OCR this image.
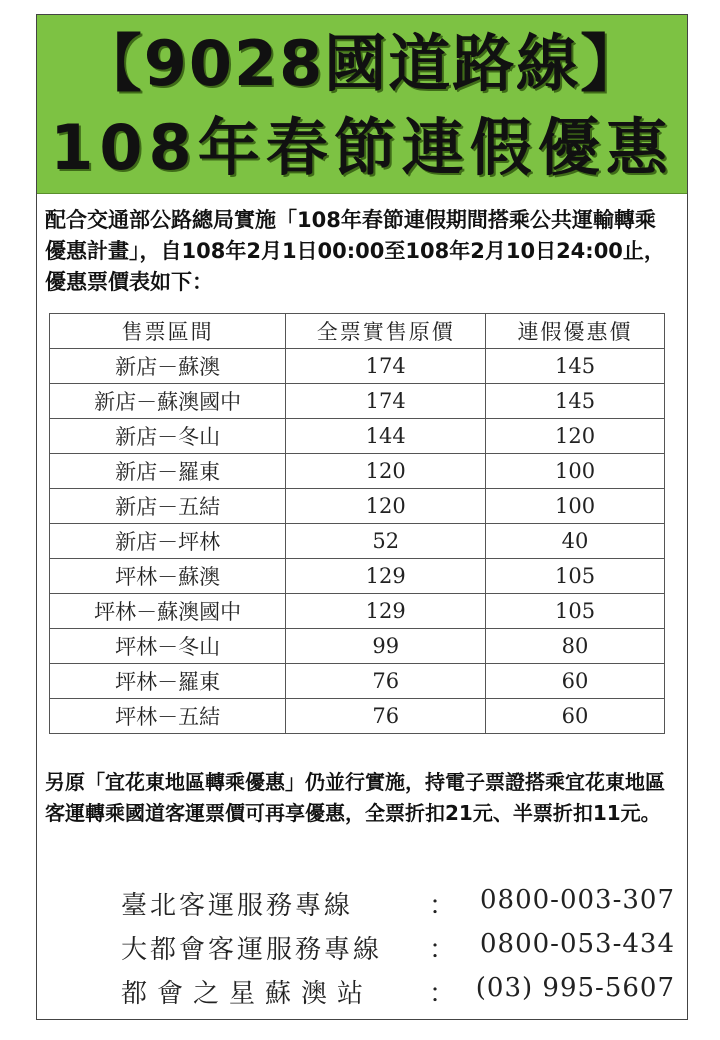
【9028國道路線】
108年春節連假優惠
配合交通部公路總局實施「108年春節連假期間搭乘公共運輸轉乘優惠計畫」，自108年2月1日00:00至108年2月10日24:00止，優惠票價表如下：
售票區間	全票實售原價	連假優惠價
新店－蘇澳	174	145
新店－蘇澳國中	174	145
新店－冬山	144	120
新店－羅東	120	100
新店－五結	120	100
新店－坪林	52	40
坪林－蘇澳	129	105
坪林－蘇澳國中	129	105
坪林－冬山	99	80
坪林－羅東	76	60
坪林－五結	76	60
另原「宜花東地區轉乘優惠」仍並行實施，持電子票證搭乘宜花東地區客運轉乘國道客運票價可再享優惠，全票折扣21元、半票折扣11元。
臺北客運服務專線	： 0800-003-307
大都會客運服務專線	： 0800-053-434
都會之星蘇澳站	： (03) 995-5607
